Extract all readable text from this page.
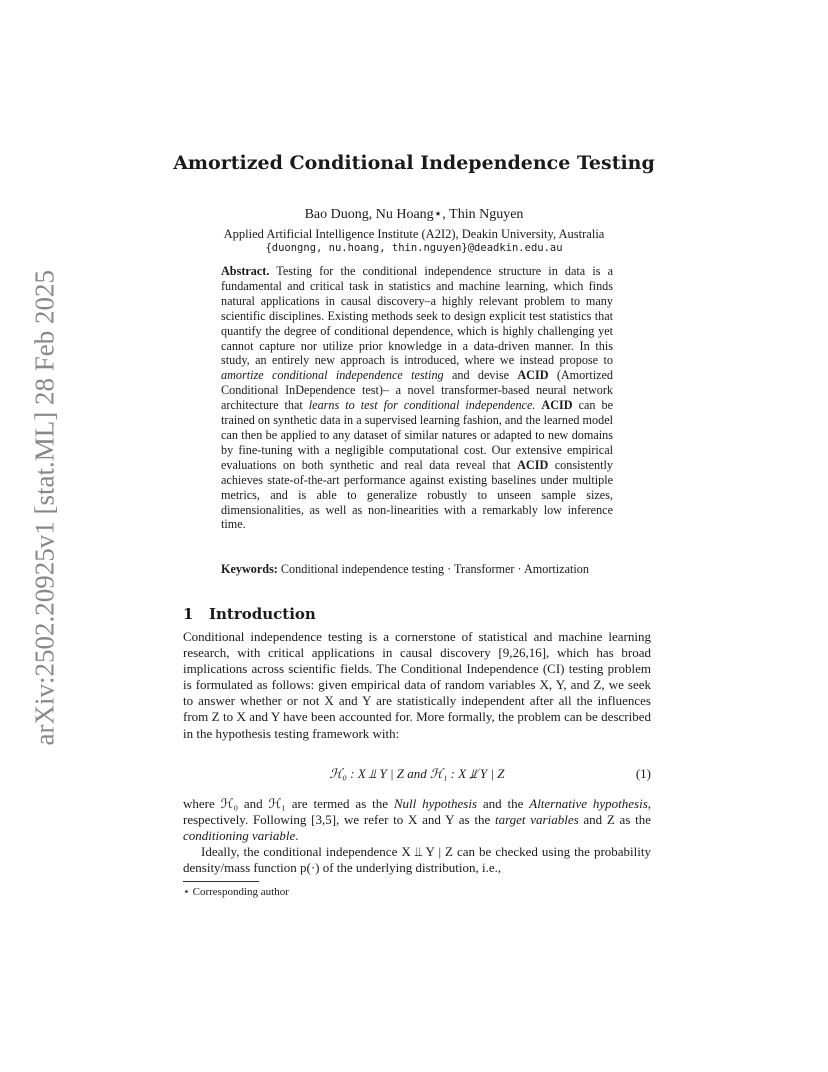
arXiv:2502.20925v1 [stat.ML] 28 Feb 2025
Amortized Conditional Independence Testing
Bao Duong, Nu Hoang⋆, Thin Nguyen
Applied Artificial Intelligence Institute (A2I2), Deakin University, Australia
{duongng, nu.hoang, thin.nguyen}@deadkin.edu.au

Abstract. Testing for the conditional independence structure in data is a fundamental and critical task in statistics and machine learning, which finds natural applications in causal discovery–a highly relevant problem to many scientific disciplines. Existing methods seek to design explicit test statistics that quantify the degree of conditional dependence, which is highly challenging yet cannot capture nor utilize prior knowledge in a data-driven manner. In this study, an entirely new approach is introduced, where we instead propose to amortize conditional independence testing and devise ACID (Amortized Conditional InDependence test)– a novel transformer-based neural network architecture that learns to test for conditional independence. ACID can be trained on synthetic data in a supervised learning fashion, and the learned model can then be applied to any dataset of similar natures or adapted to new domains by fine-tuning with a negligible computational cost. Our extensive empirical evaluations on both synthetic and real data reveal that ACID consistently achieves state-of-the-art performance against existing baselines under multiple metrics, and is able to generalize robustly to unseen sample sizes, dimensionalities, as well as non-linearities with a remarkably low inference time.

Keywords: Conditional independence testing · Transformer · Amortization
1 Introduction

Conditional independence testing is a cornerstone of statistical and machine learning research, with critical applications in causal discovery [9,26,16], which has broad implications across scientific fields. The Conditional Independence (CI) testing problem is formulated as follows: given empirical data of random variables X, Y, and Z, we seek to answer whether or not X and Y are statistically independent after all the influences from Z to X and Y have been accounted for. More formally, the problem can be described in the hypothesis testing framework with:

ℋ₀ : X ⫫ Y | Z and ℋ₁ : X ⫫̸ Y | Z	(1)

where ℋ₀ and ℋ₁ are termed as the Null hypothesis and the Alternative hypothesis, respectively. Following [3,5], we refer to X and Y as the target variables and Z as the conditioning variable.

Ideally, the conditional independence X ⫫ Y | Z can be checked using the probability density/mass function p(·) of the underlying distribution, i.e.,

⋆ Corresponding author
